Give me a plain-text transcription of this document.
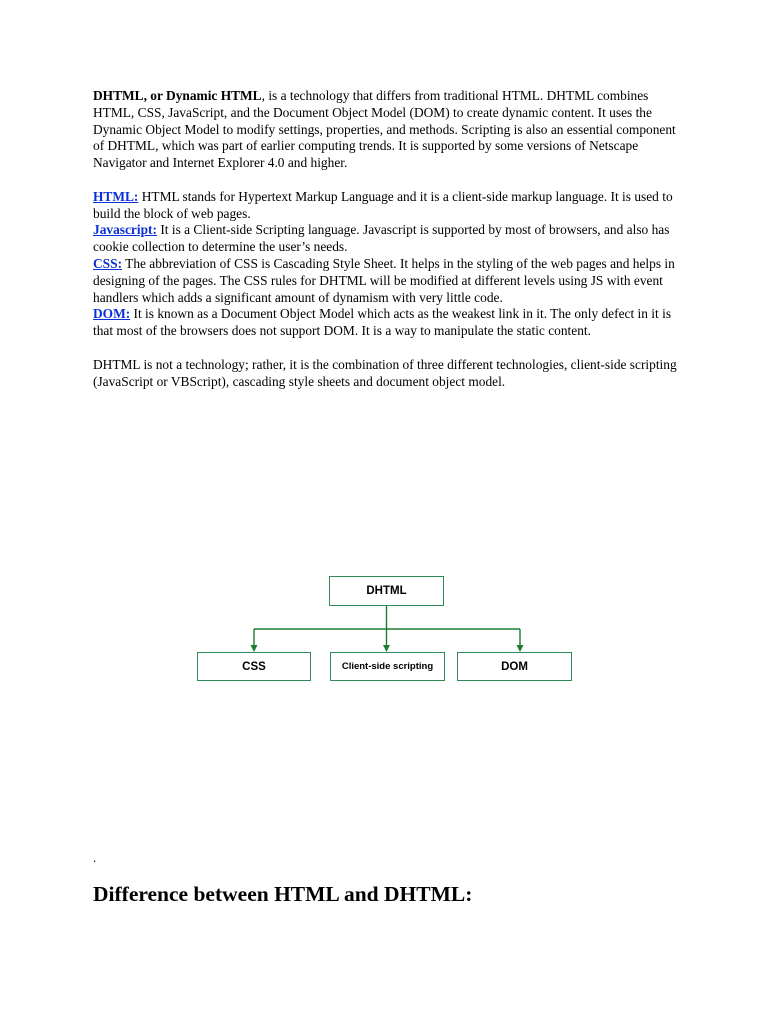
DHTML, or Dynamic HTML, is a technology that differs from traditional HTML. DHTML combines HTML, CSS, JavaScript, and the Document Object Model (DOM) to create dynamic content. It uses the Dynamic Object Model to modify settings, properties, and methods. Scripting is also an essential component of DHTML, which was part of earlier computing trends. It is supported by some versions of Netscape Navigator and Internet Explorer 4.0 and higher.

HTML: HTML stands for Hypertext Markup Language and it is a client-side markup language. It is used to build the block of web pages.

Javascript: It is a Client-side Scripting language. Javascript is supported by most of browsers, and also has cookie collection to determine the user’s needs.

CSS: The abbreviation of CSS is Cascading Style Sheet. It helps in the styling of the web pages and helps in designing of the pages. The CSS rules for DHTML will be modified at different levels using JS with event handlers which adds a significant amount of dynamism with very little code.

DOM: It is known as a Document Object Model which acts as the weakest link in it. The only defect in it is that most of the browsers does not support DOM. It is a way to manipulate the static content.

DHTML is not a technology; rather, it is the combination of three different technologies, client-side scripting (JavaScript or VBScript), cascading style sheets and document object model.

DHTML
CSS	Client-side scripting	DOM
.
Difference between HTML and DHTML:
